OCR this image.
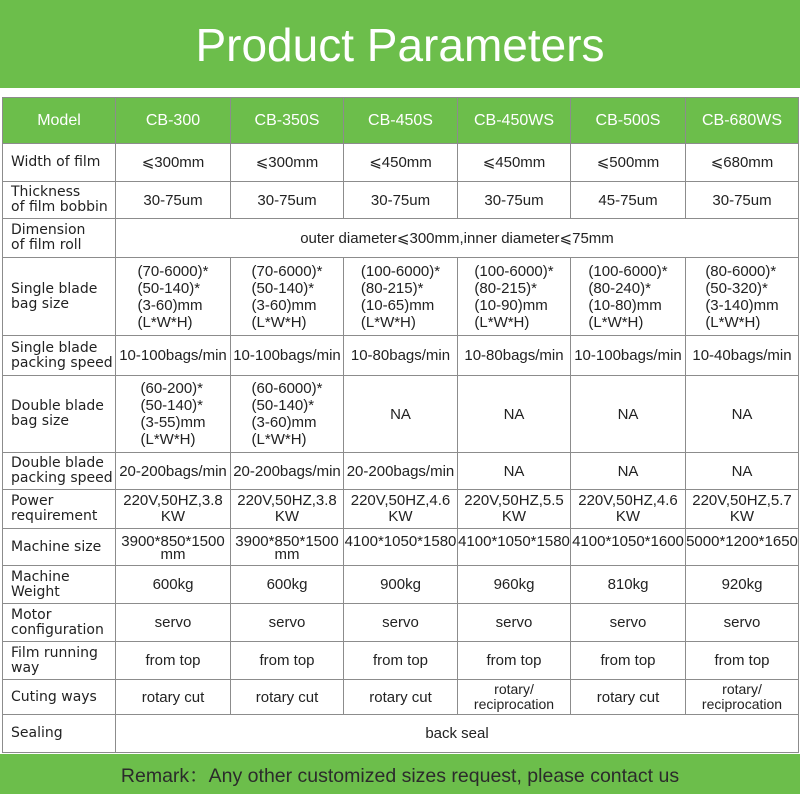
Product Parameters
Model	CB-300	CB-350S	CB-450S	CB-450WS	CB-500S	CB-680WS
Width of film	⩽300mm	⩽300mm	⩽450mm	⩽450mm	⩽500mm	⩽680mm

Thickness
of film bobbin	30-75um	30-75um	30-75um	30-75um	45-75um	30-75um

Dimension
of film roll	outer diameter⩽300mm,inner diameter⩽75mm					

Single blade
bag size	(70-6000)*
(50-140)*
(3-60)mm
(L*W*H)	(70-6000)*
(50-140)*
(3-60)mm
(L*W*H)	(100-6000)*
(80-215)*
(10-65)mm
(L*W*H)	(100-6000)*
(80-215)*
(10-90)mm
(L*W*H)	(100-6000)*
(80-240)*
(10-80)mm
(L*W*H)	(80-6000)*
(50-320)*
(3-140)mm
(L*W*H)

Single blade
packing speed	10-100bags/min	10-100bags/min	10-80bags/min	10-80bags/min	10-100bags/min	10-40bags/min

Double blade
bag size	(60-200)*
(50-140)*
(3-55)mm
(L*W*H)	(60-6000)*
(50-140)*
(3-60)mm
(L*W*H)	NA	NA	NA	NA

Double blade
packing speed	20-200bags/min	20-200bags/min	20-200bags/min	NA	NA	NA

Power
requirement	220V,50HZ,3.8
KW	220V,50HZ,3.8
KW	220V,50HZ,4.6
KW	220V,50HZ,5.5
KW	220V,50HZ,4.6
KW	220V,50HZ,5.7
KW

Machine size	3900*850*1500
mm	3900*850*1500
mm	4100*1050*1580	4100*1050*1580	4100*1050*1600	5000*1200*1650

Machine
Weight	600kg	600kg	900kg	960kg	810kg	920kg

Motor
configuration	servo	servo	servo	servo	servo	servo

Film running
way	from top	from top	from top	from top	from top	from top
Cuting ways	rotary cut	rotary cut	rotary cut	rotary/
reciprocation	rotary cut	rotary/
reciprocation

Sealing	back seal					
Remark：Any other customized sizes request, please contact us
